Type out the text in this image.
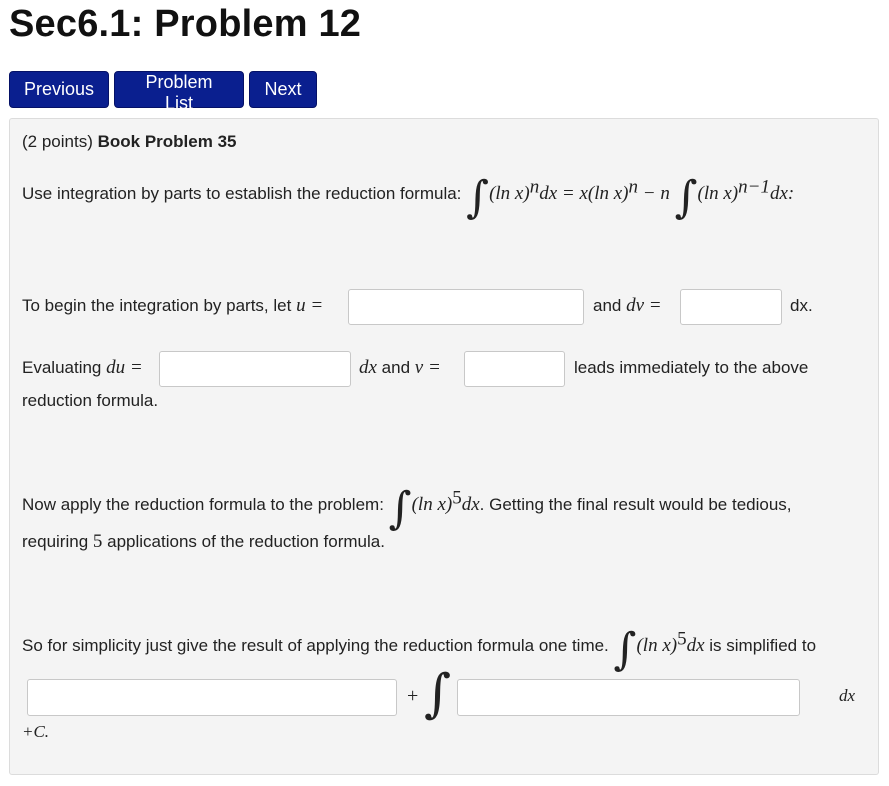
Sec6.1: Problem 12
Previous	Problem List
Next
(2 points) Book Problem 35
Use integration by parts to establish the reduction formula: ∫(ln x)$^n$dx = x(ln x)$^n$ − n ∫(ln x)$^{n-1}$dx:
To begin the integration by parts, let u =	and dv =	dx.
Evaluating du =	dx and v =	leads immediately to the above
reduction formula.
Now apply the reduction formula to the problem: ∫(ln x)$^5$dx. Getting the final result would be tedious,
requiring 5 applications of the reduction formula.
So for simplicity just give the result of applying the reduction formula one time. ∫(ln x)$^5$dx is simplified to
+ ∫	dx
+C.
